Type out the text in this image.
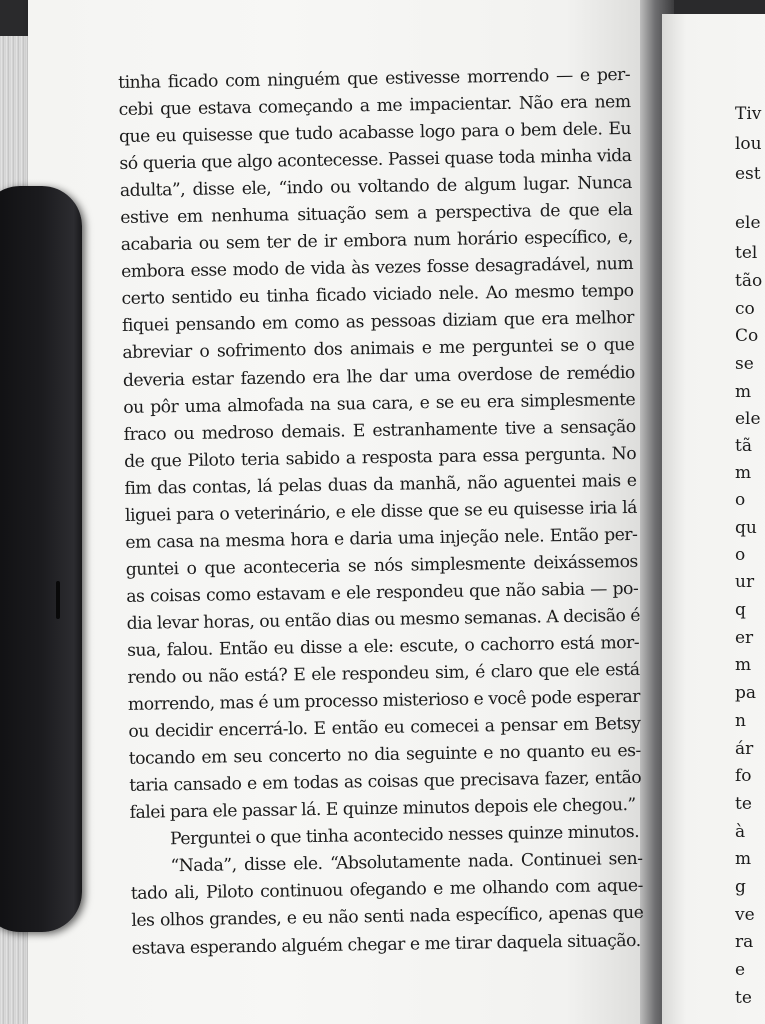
Tiv
lou
est
ele
tel
tão
co
Co
se
m
ele
tã
m
o
qu
o
ur
q
er
m
pa
n
ár
fo
te
à
m
g
ve
ra
e
te
tinha ficado com ninguém que estivesse morrendo — e per-
cebi que estava começando a me impacientar. Não era nem
que eu quisesse que tudo acabasse logo para o bem dele. Eu
só queria que algo acontecesse. Passei quase toda minha vida
adulta”, disse ele, “indo ou voltando de algum lugar. Nunca
estive em nenhuma situação sem a perspectiva de que ela
acabaria ou sem ter de ir embora num horário específico, e,
embora esse modo de vida às vezes fosse desagradável, num
certo sentido eu tinha ficado viciado nele. Ao mesmo tempo
fiquei pensando em como as pessoas diziam que era melhor
abreviar o sofrimento dos animais e me perguntei se o que
deveria estar fazendo era lhe dar uma overdose de remédio
ou pôr uma almofada na sua cara, e se eu era simplesmente
fraco ou medroso demais. E estranhamente tive a sensação
de que Piloto teria sabido a resposta para essa pergunta. No
fim das contas, lá pelas duas da manhã, não aguentei mais e
liguei para o veterinário, e ele disse que se eu quisesse iria lá
em casa na mesma hora e daria uma injeção nele. Então per-
guntei o que aconteceria se nós simplesmente deixássemos
as coisas como estavam e ele respondeu que não sabia — po-
dia levar horas, ou então dias ou mesmo semanas. A decisão é
sua, falou. Então eu disse a ele: escute, o cachorro está mor-
rendo ou não está? E ele respondeu sim, é claro que ele está
morrendo, mas é um processo misterioso e você pode esperar
ou decidir encerrá-lo. E então eu comecei a pensar em Betsy
tocando em seu concerto no dia seguinte e no quanto eu es-
taria cansado e em todas as coisas que precisava fazer, então
falei para ele passar lá. E quinze minutos depois ele chegou.”
Perguntei o que tinha acontecido nesses quinze minutos.
“Nada”, disse ele. “Absolutamente nada. Continuei sen-
tado ali, Piloto continuou ofegando e me olhando com aque-
les olhos grandes, e eu não senti nada específico, apenas que
estava esperando alguém chegar e me tirar daquela situação.
